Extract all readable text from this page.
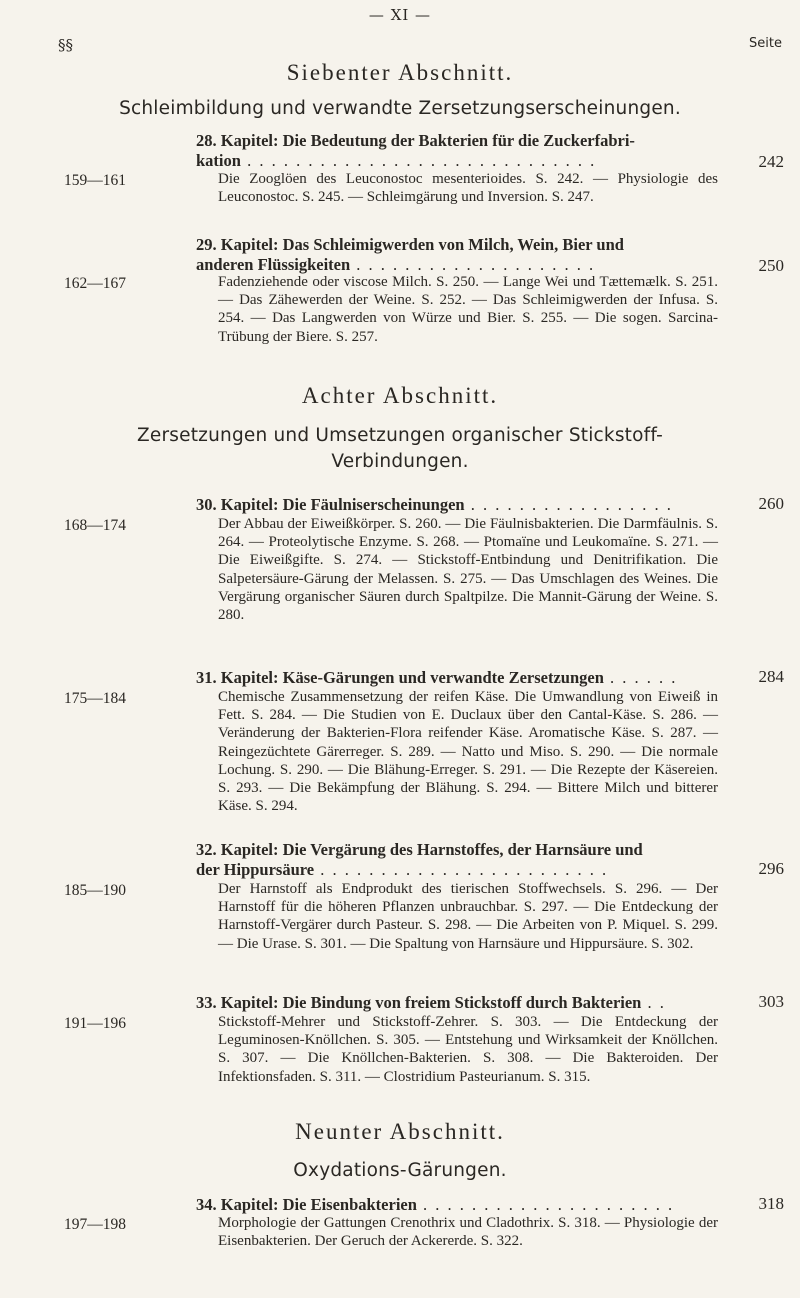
— XI —
§§	Seite
Siebenter Abschnitt.
Schleimbildung und verwandte Zersetzungserscheinungen.
28. Kapitel: Die Bedeutung der Bakterien für die Zuckerfabri-
kation . . . . . . . . . . . . . . . . . . . . . . . . . . . . .	242
159—161	Die Zooglöen des Leuconostoc mesenterioides. S. 242. — Physiologie des Leuconostoc. S. 245. — Schleimgärung und Inversion. S. 247.
29. Kapitel: Das Schleimigwerden von Milch, Wein, Bier und
anderen Flüssigkeiten . . . . . . . . . . . . . . . . . . . .	250
162—167	Fadenziehende oder viscose Milch. S. 250. — Lange Wei und Tættemælk. S. 251. — Das Zähewerden der Weine. S. 252. — Das Schleimigwerden der Infusa. S. 254. — Das Langwerden von Würze und Bier. S. 255. — Die sogen. Sarcina-Trübung der Biere. S. 257.
Achter Abschnitt.
Zersetzungen und Umsetzungen organischer Stickstoff-
Verbindungen.
30. Kapitel: Die Fäulniserscheinungen . . . . . . . . . . . . . . . . .	260
168—174	Der Abbau der Eiweißkörper. S. 260. — Die Fäulnisbakterien. Die Darmfäulnis. S. 264. — Proteolytische Enzyme. S. 268. — Ptomaïne und Leukomaïne. S. 271. — Die Eiweißgifte. S. 274. — Stickstoff-Entbindung und Denitrifikation. Die Salpetersäure-Gärung der Melassen. S. 275. — Das Umschlagen des Weines. Die Vergärung organischer Säuren durch Spaltpilze. Die Mannit-Gärung der Weine. S. 280.
31. Kapitel: Käse-Gärungen und verwandte Zersetzungen . . . . . .	284
175—184	Chemische Zusammensetzung der reifen Käse. Die Umwandlung von Eiweiß in Fett. S. 284. — Die Studien von E. Duclaux über den Cantal-Käse. S. 286. — Veränderung der Bakterien-Flora reifender Käse. Aromatische Käse. S. 287. — Reingezüchtete Gärerreger. S. 289. — Natto und Miso. S. 290. — Die normale Lochung. S. 290. — Die Blähung-Erreger. S. 291. — Die Rezepte der Käsereien. S. 293. — Die Bekämpfung der Blähung. S. 294. — Bittere Milch und bitterer Käse. S. 294.
32. Kapitel: Die Vergärung des Harnstoffes, der Harnsäure und
der Hippursäure . . . . . . . . . . . . . . . . . . . . . . . .	296
185—190	Der Harnstoff als Endprodukt des tierischen Stoffwechsels. S. 296. — Der Harnstoff für die höheren Pflanzen unbrauchbar. S. 297. — Die Entdeckung der Harnstoff-Vergärer durch Pasteur. S. 298. — Die Arbeiten von P. Miquel. S. 299. — Die Urase. S. 301. — Die Spaltung von Harnsäure und Hippursäure. S. 302.
33. Kapitel: Die Bindung von freiem Stickstoff durch Bakterien . .	303
191—196	Stickstoff-Mehrer und Stickstoff-Zehrer. S. 303. — Die Entdeckung der Leguminosen-Knöllchen. S. 305. — Entstehung und Wirksamkeit der Knöllchen. S. 307. — Die Knöllchen-Bakterien. S. 308. — Die Bakteroiden. Der Infektionsfaden. S. 311. — Clostridium Pasteurianum. S. 315.
Neunter Abschnitt.
Oxydations-Gärungen.
34. Kapitel: Die Eisenbakterien . . . . . . . . . . . . . . . . . . . . .	318
197—198	Morphologie der Gattungen Crenothrix und Cladothrix. S. 318. — Physiologie der Eisenbakterien. Der Geruch der Ackererde. S. 322.
